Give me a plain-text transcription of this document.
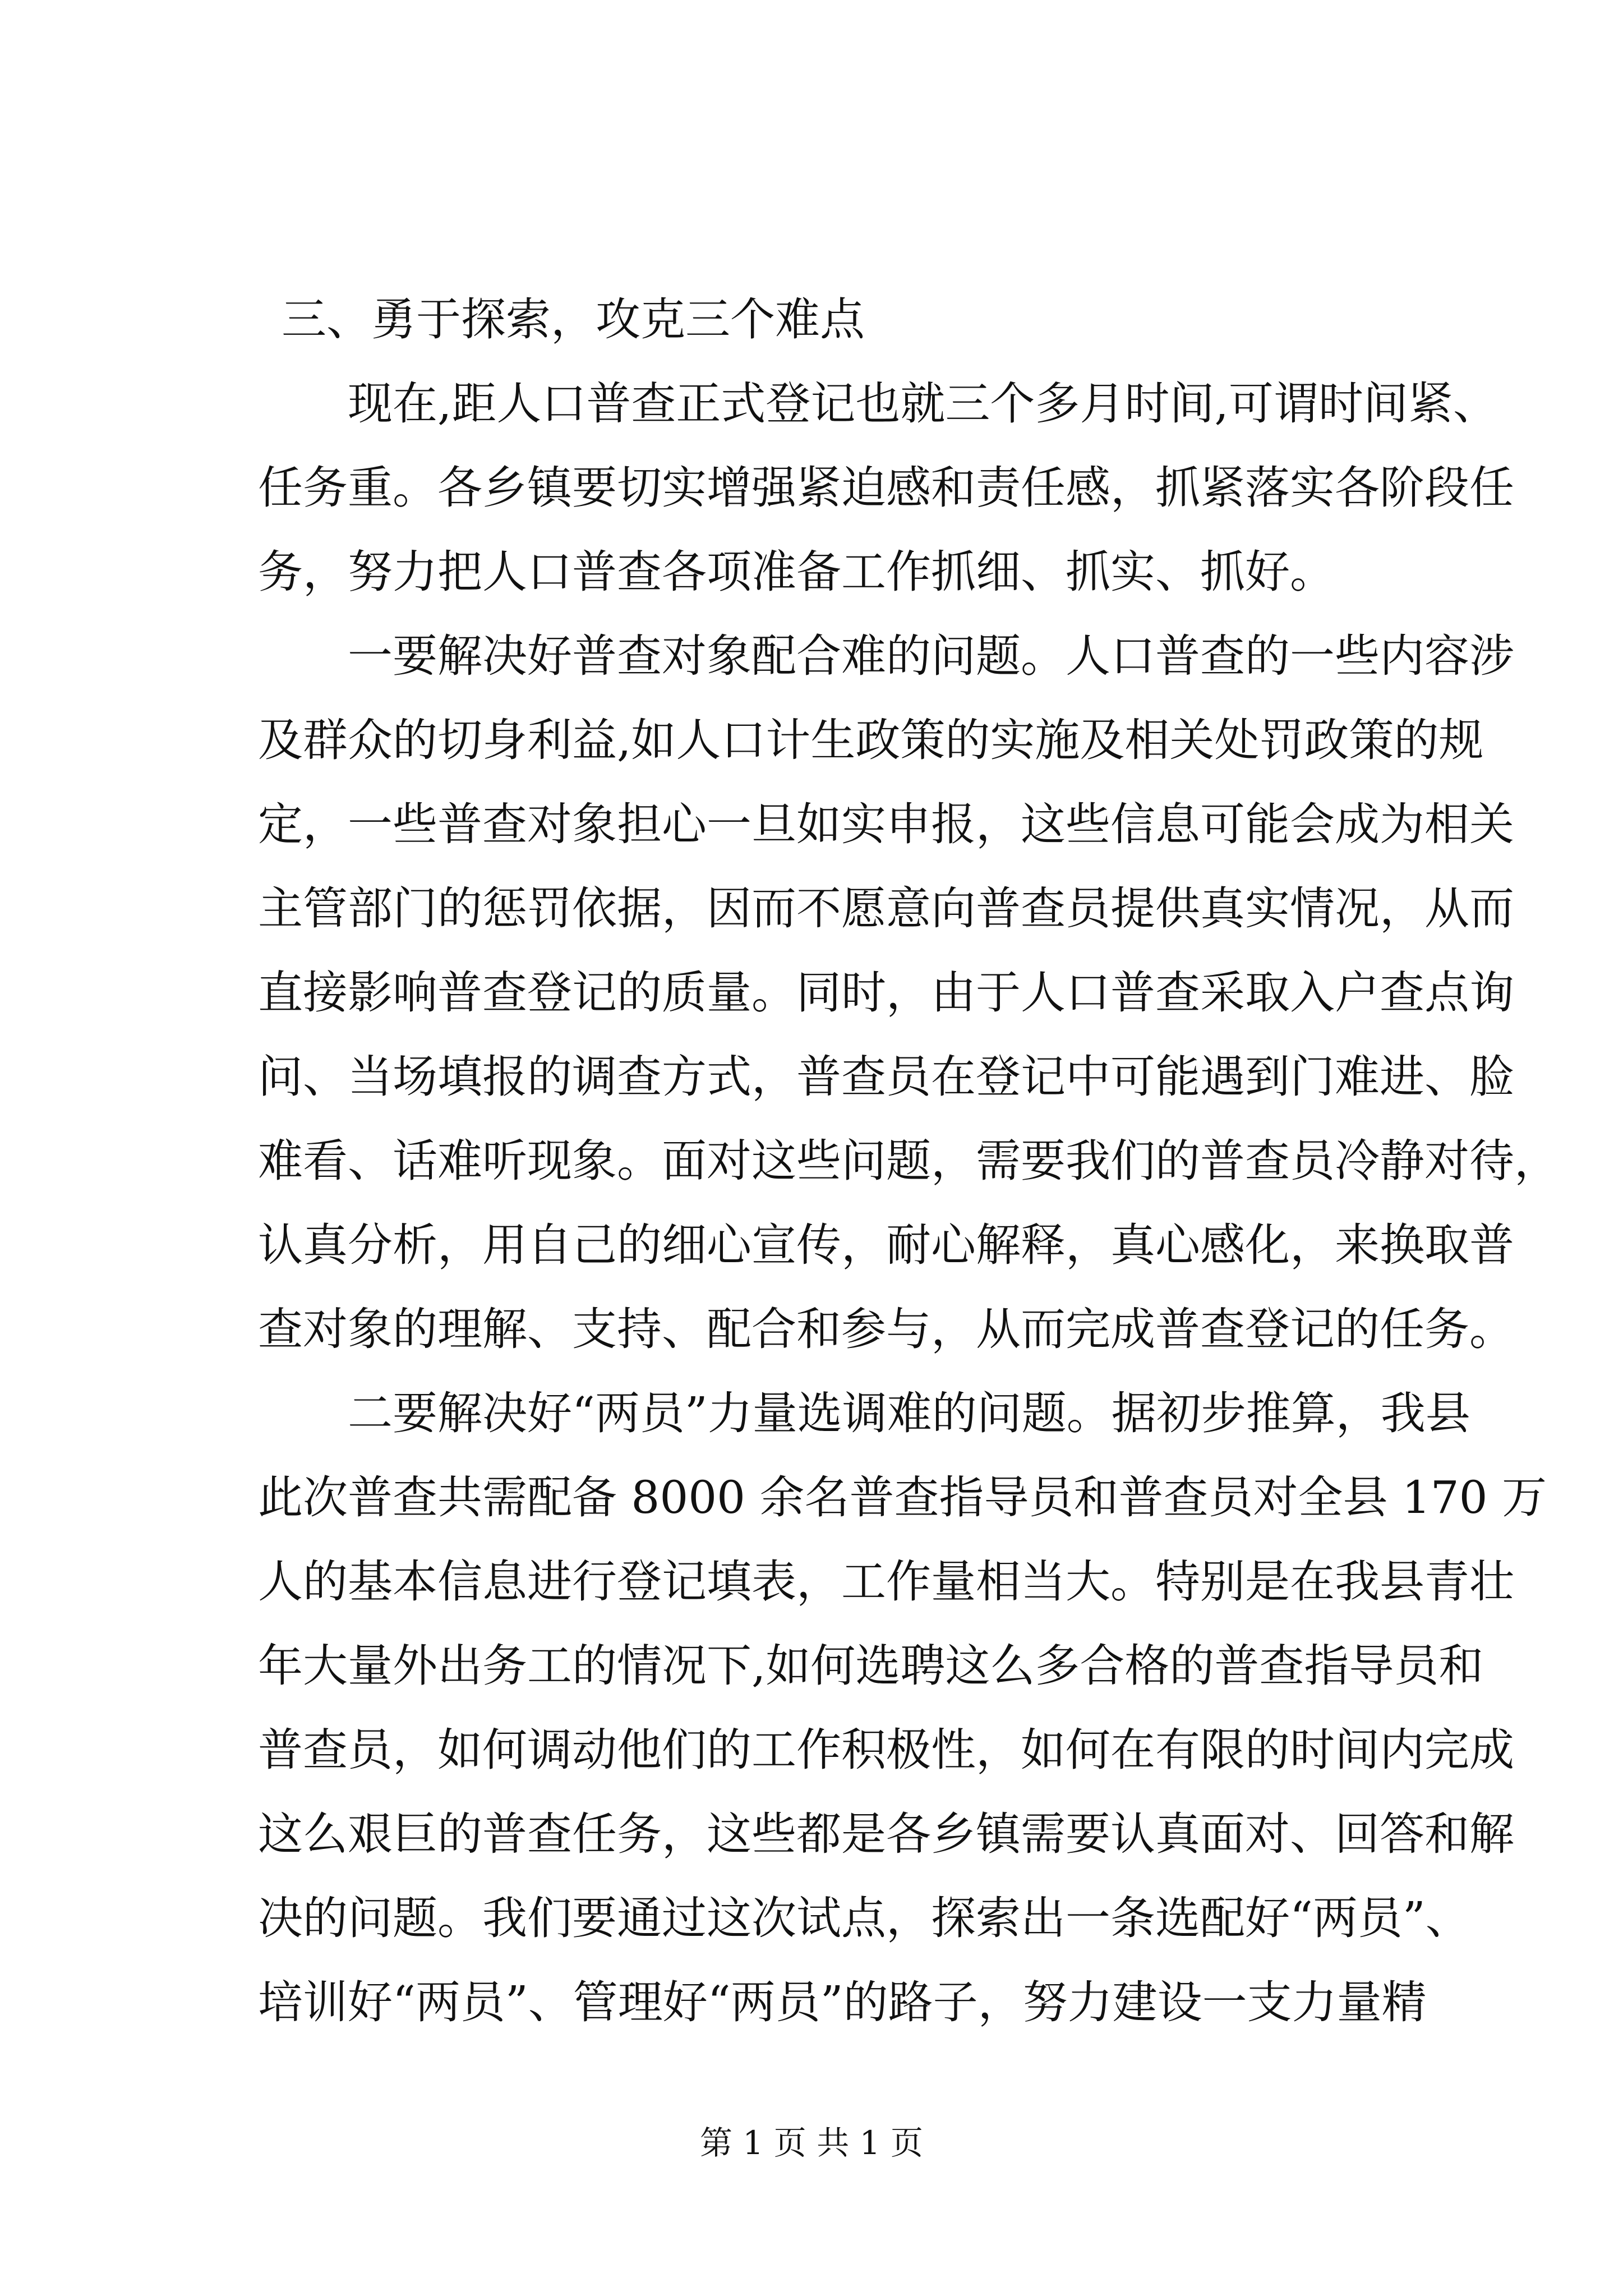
三、勇于探索，攻克三个难点
现在,距人口普查正式登记也就三个多月时间,可谓时间紧、
任务重。各乡镇要切实增强紧迫感和责任感，抓紧落实各阶段任
务，努力把人口普查各项准备工作抓细、抓实、抓好。
一要解决好普查对象配合难的问题。人口普查的一些内容涉
及群众的切身利益,如人口计生政策的实施及相关处罚政策的规
定，一些普查对象担心一旦如实申报，这些信息可能会成为相关
主管部门的惩罚依据，因而不愿意向普查员提供真实情况，从而
直接影响普查登记的质量。同时，由于人口普查采取入户查点询
问、当场填报的调查方式，普查员在登记中可能遇到门难进、脸
难看、话难听现象。面对这些问题，需要我们的普查员冷静对待，
认真分析，用自己的细心宣传，耐心解释，真心感化，来换取普
查对象的理解、支持、配合和参与，从而完成普查登记的任务。
二要解决好“两员”力量选调难的问题。据初步推算，我县
此次普查共需配备 8000 余名普查指导员和普查员对全县 170 万
人的基本信息进行登记填表，工作量相当大。特别是在我县青壮
年大量外出务工的情况下,如何选聘这么多合格的普查指导员和
普查员，如何调动他们的工作积极性，如何在有限的时间内完成
这么艰巨的普查任务，这些都是各乡镇需要认真面对、回答和解
决的问题。我们要通过这次试点，探索出一条选配好“两员”、
培训好“两员”、管理好“两员”的路子，努力建设一支力量精
第 1 页 共 1 页
